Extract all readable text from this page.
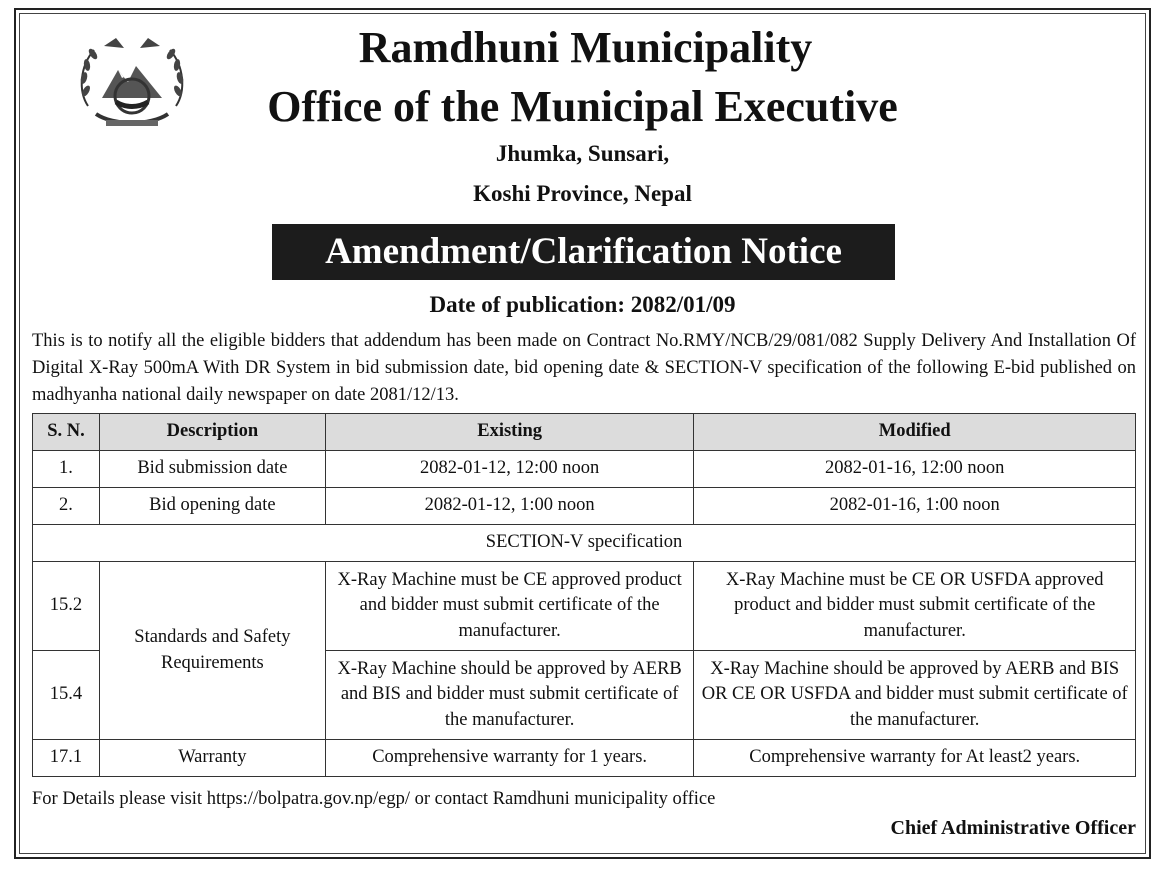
Ramdhuni Municipality
Office of the Municipal Executive
Jhumka, Sunsari,
Koshi Province, Nepal
Amendment/Clarification Notice
Date of publication: 2082/01/09
This is to notify all the eligible bidders that addendum has been made on Contract No.RMY/NCB/29/081/082 Supply Delivery And Installation Of Digital X-Ray 500mA With DR System in bid submission date, bid opening date & SECTION-V specification of the following E-bid published on madhyanha national daily newspaper on date 2081/12/13.
S. N.	Description	Existing	Modified
1.	Bid submission date	2082-01-12, 12:00 noon	2082-01-16, 12:00 noon
2.	Bid opening date	2082-01-12, 1:00 noon	2082-01-16, 1:00 noon
SECTION-V specification			
15.2	Standards and Safety Requirements	X-Ray Machine must be CE approved product and bidder must submit certificate of the manufacturer.	X-Ray Machine must be CE OR USFDA approved product and bidder must submit certificate of the manufacturer.
15.4		X-Ray Machine should be approved by AERB and BIS and bidder must submit certificate of the manufacturer.	X-Ray Machine should be approved by AERB and BIS OR CE OR USFDA and bidder must submit certificate of the manufacturer.
17.1	Warranty	Comprehensive warranty for 1 years.	Comprehensive warranty for At least2 years.
For Details please visit https://bolpatra.gov.np/egp/ or contact Ramdhuni municipality office
Chief Administrative Officer
